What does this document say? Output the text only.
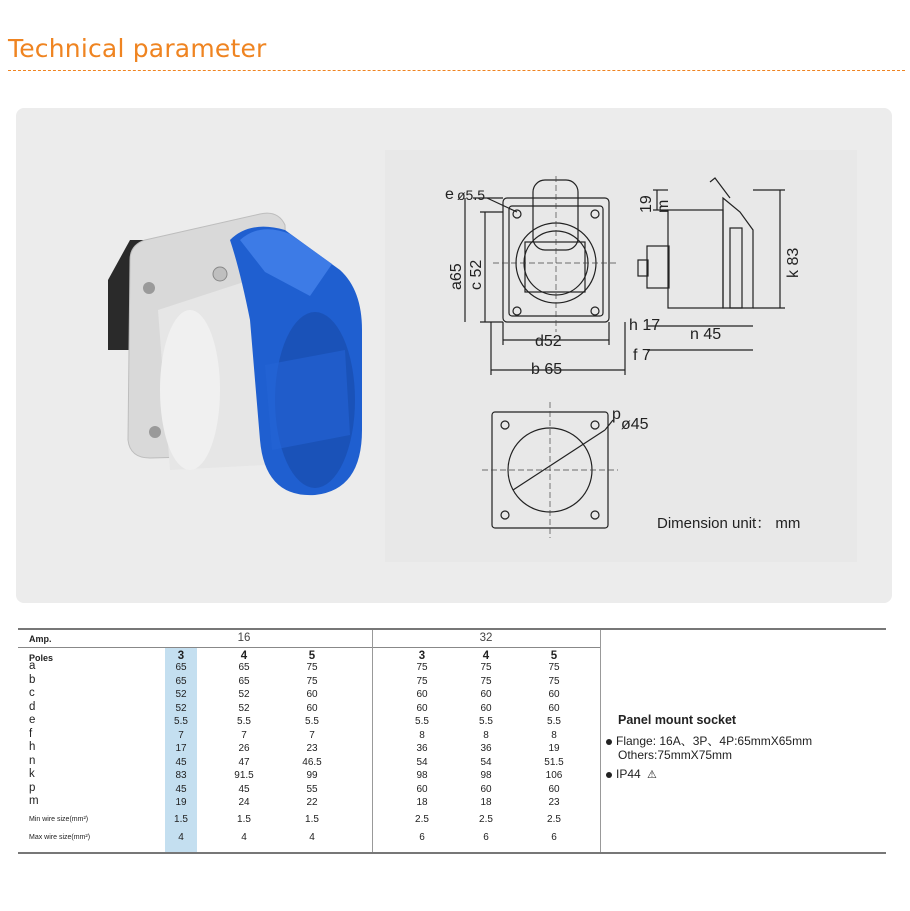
Technical parameter
e ø5.5
a65 c 52
d52
b 65
19 m
k 83
h 17
n 45
f 7
p
ø45
Dimension unit： mm
Amp.	16	32
Poles	3	4	5	3	4	5
a	65	65	75	75	75	75
b	65	65	75	75	75	75
c	52	52	60	60	60	60
d	52	52	60	60	60	60
e	5.5	5.5	5.5	5.5	5.5	5.5
f	7	7	7	8	8	8
h	17	26	23	36	36	19
n	45	47	46.5	54	54	51.5
k	83	91.5	99	98	98	106
p	45	45	55	60	60	60
m	19	24	22	18	18	23
Min wire size(mm²)	1.5	1.5	1.5	2.5	2.5	2.5
Max wire size(mm²)	4	4	4	6	6	6
Panel mount socket
Flange: 16A、3P、4P:65mmX65mm
Others:75mmX75mm
IP44 ⚠
